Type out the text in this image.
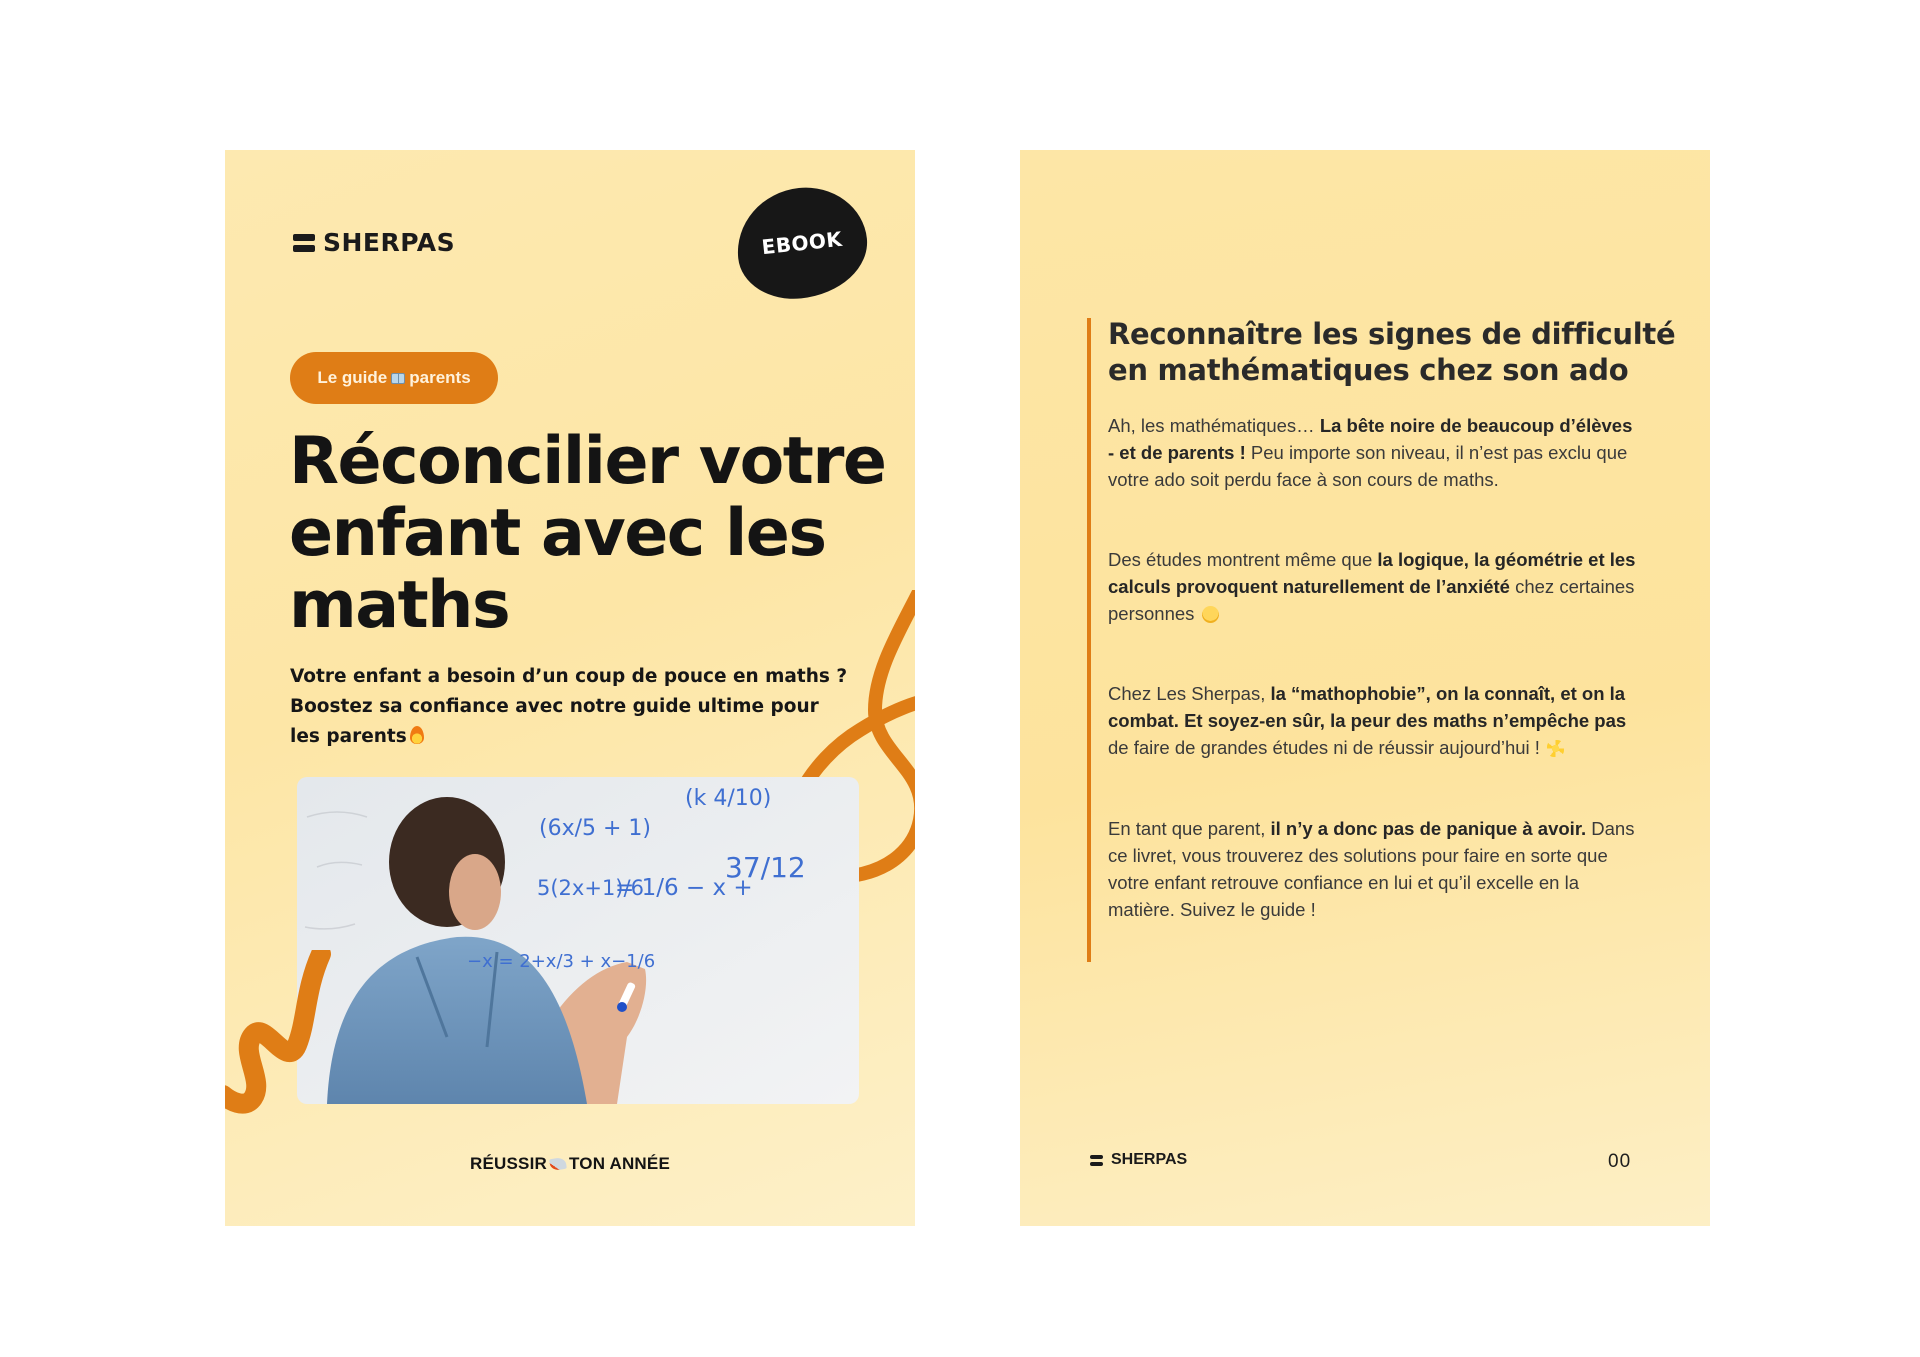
SHERPAS	EBOOK
Le guide parents
Réconcilier votre enfant avec les maths

Votre enfant a besoin d’un coup de pouce en maths ? Boostez sa confiance avec notre guide ultime pour les parents

(6x/5 + 1)
5(2x+1)/6
= 1/6 − x +
37/12
(k 4/10)
−x = 2+x/3 + x−1/6
RÉUSSIR TON ANNÉE
Reconnaître les signes de difficulté en mathématiques chez son ado

Ah, les mathématiques… La bête noire de beaucoup d’élèves - et de parents ! Peu importe son niveau, il n’est pas exclu que votre ado soit perdu face à son cours de maths.

Des études montrent même que la logique, la géométrie et les calculs provoquent naturellement de l’anxiété chez certaines personnes

Chez Les Sherpas, la “mathophobie”, on la connaît, et on la combat. Et soyez-en sûr, la peur des maths n’empêche pas de faire de grandes études ni de réussir aujourd’hui !

En tant que parent, il n’y a donc pas de panique à avoir. Dans ce livret, vous trouverez des solutions pour faire en sorte que votre enfant retrouve confiance en lui et qu’il excelle en la matière. Suivez le guide !

SHERPAS	00
